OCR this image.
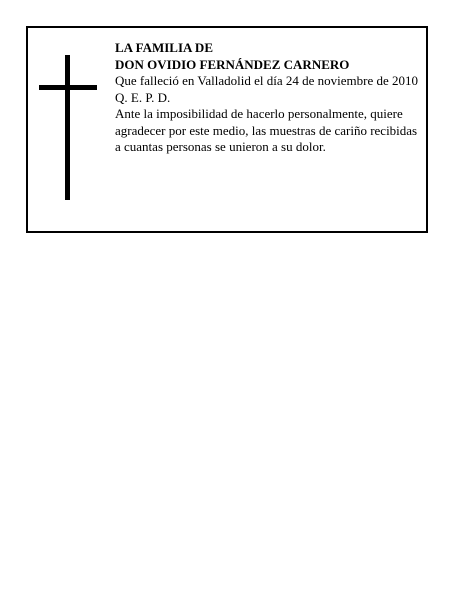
LA FAMILIA DE
DON OVIDIO FERNÁNDEZ CARNERO
Que falleció en Valladolid el día 24 de noviembre de 2010
Q. E. P. D.
Ante la imposibilidad de hacerlo personalmente, quiere agradecer por este medio, las muestras de cariño recibidas a cuantas personas se unieron a su dolor.
